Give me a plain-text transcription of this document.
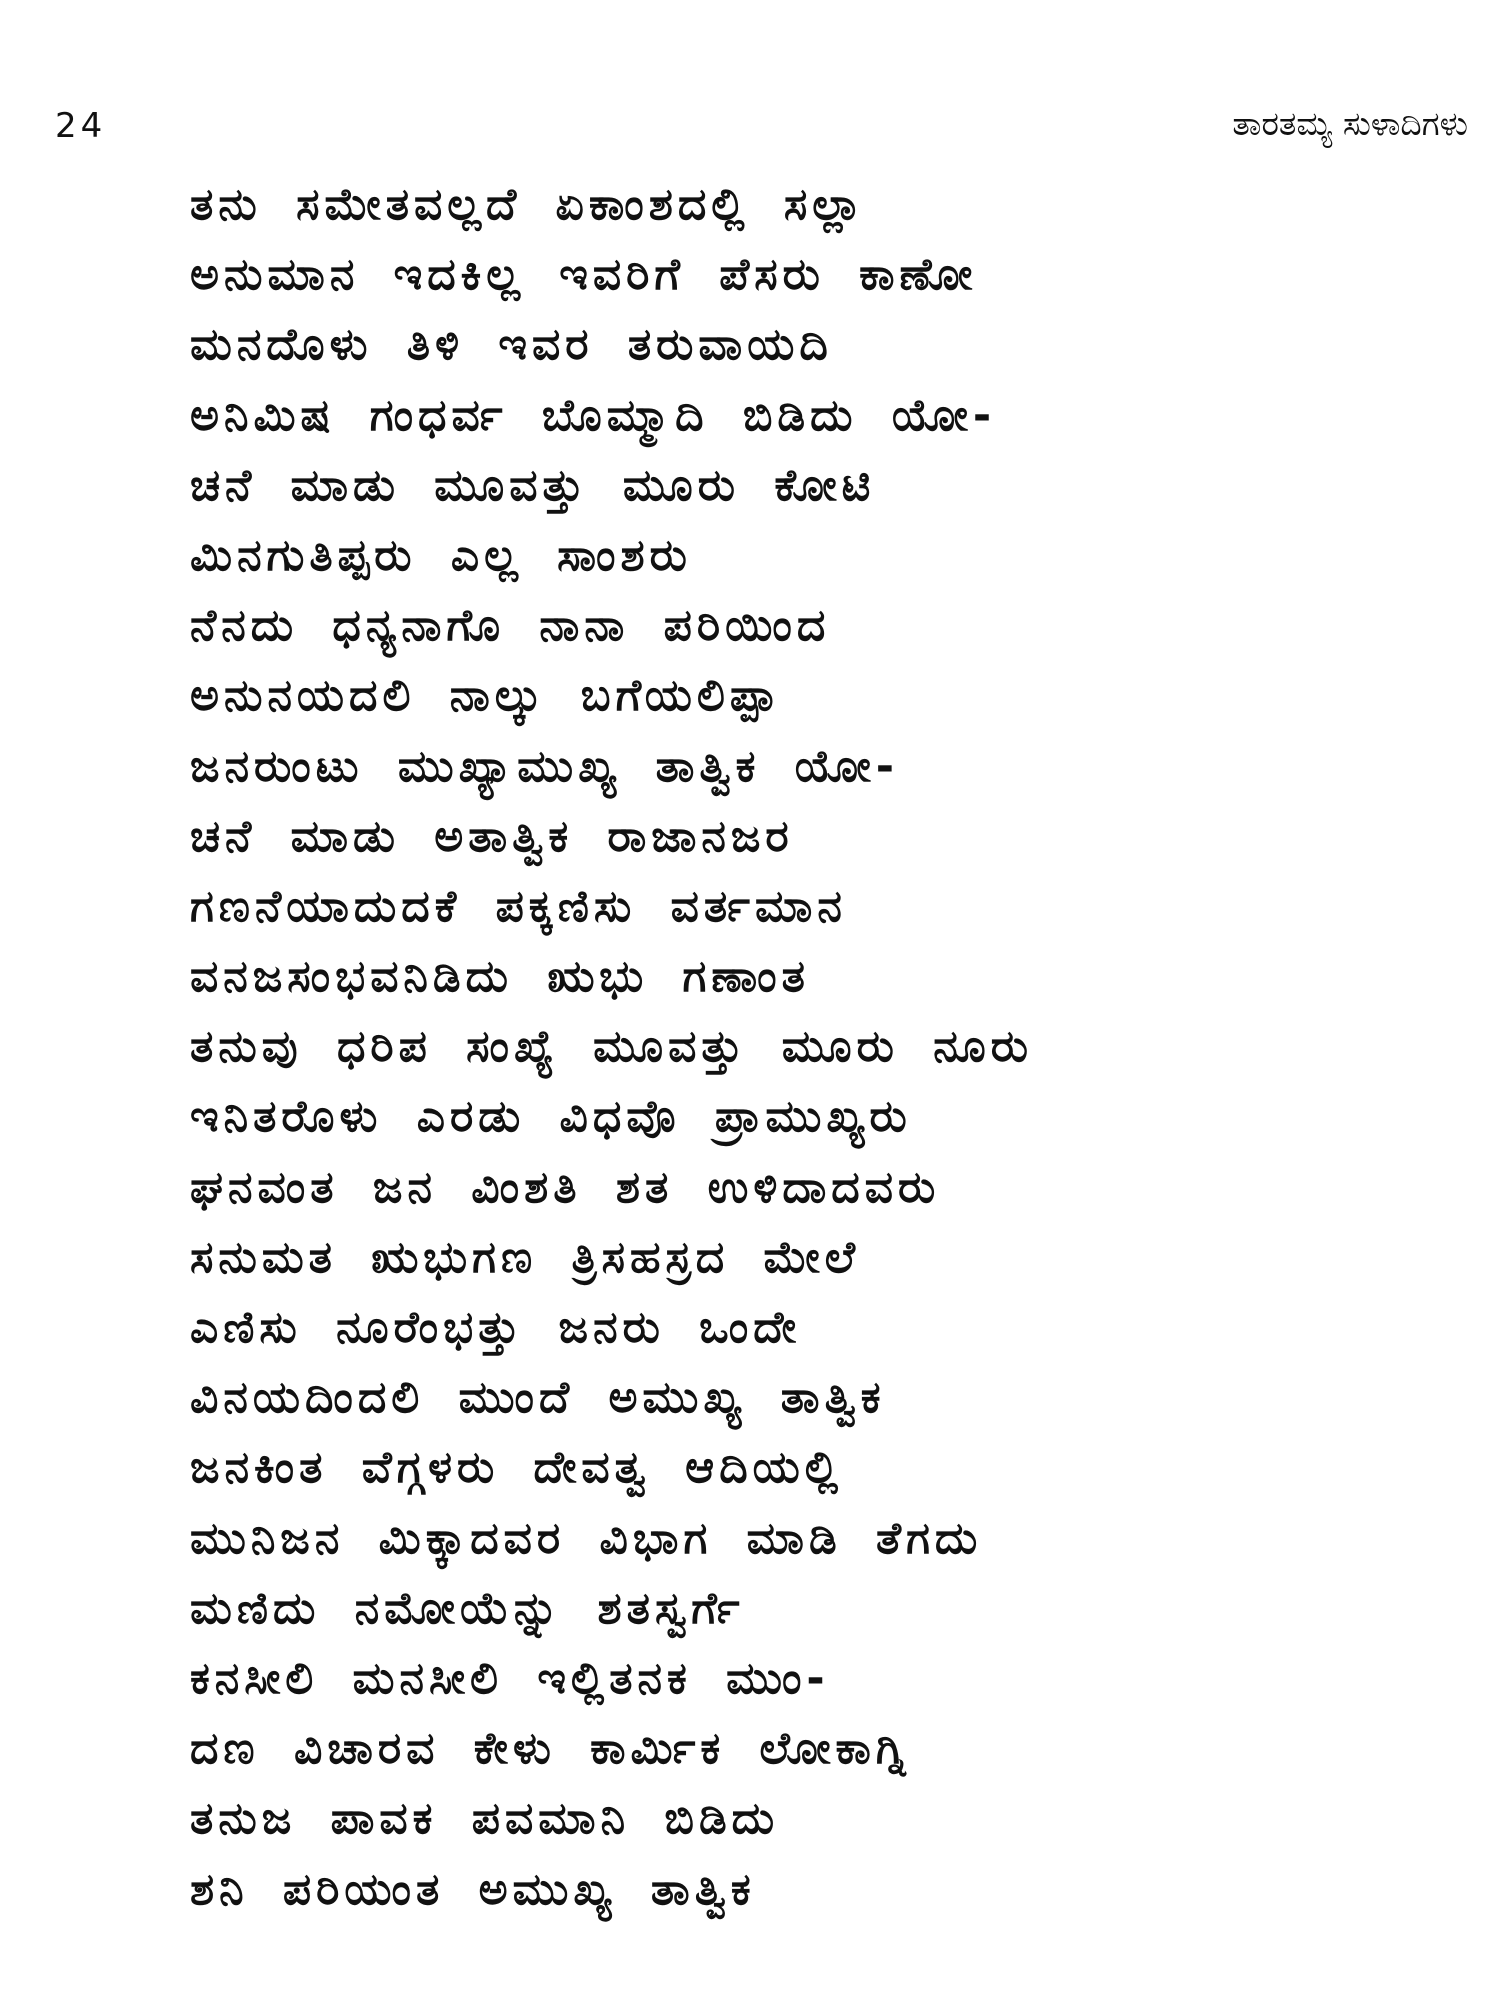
24	ತಾರತಮ್ಯ ಸುಳಾದಿಗಳು
ತನು ಸಮೇತವಲ್ಲದೆ ಏಕಾಂಶದಲ್ಲಿ ಸಲ್ಲಾ
ಅನುಮಾನ ಇದಕಿಲ್ಲ ಇವರಿಗೆ ಪೆಸರು ಕಾಣೋ
ಮನದೊಳು ತಿಳಿ ಇವರ ತರುವಾಯದಿ
ಅನಿಮಿಷ ಗಂಧರ್ವ ಬೊಮ್ಮಾದಿ ಬಿಡಿದು ಯೋ-
ಚನೆ ಮಾಡು ಮೂವತ್ತು ಮೂರು ಕೋಟಿ
ಮಿನಗುತಿಪ್ಪರು ಎಲ್ಲ ಸಾಂಶರು
ನೆನದು ಧನ್ಯನಾಗೊ ನಾನಾ ಪರಿಯಿಂದ
ಅನುನಯದಲಿ ನಾಲ್ಕು ಬಗೆಯಲಿಪ್ಪಾ
ಜನರುಂಟು ಮುಖ್ಯಾಮುಖ್ಯ ತಾತ್ವಿಕ ಯೋ-
ಚನೆ ಮಾಡು ಅತಾತ್ವಿಕ ರಾಜಾನಜರ
ಗಣನೆಯಾದುದಕೆ ಪಕ್ಕಣಿಸು ವರ್ತಮಾನ
ವನಜಸಂಭವನಿಡಿದು ಋಭು ಗಣಾಂತ
ತನುವು ಧರಿಪ ಸಂಖ್ಯೆ ಮೂವತ್ತು ಮೂರು ನೂರು
ಇನಿತರೊಳು ಎರಡು ವಿಧವೊ ಪ್ರಾಮುಖ್ಯರು
ಘನವಂತ ಜನ ವಿಂಶತಿ ಶತ ಉಳಿದಾದವರು
ಸನುಮತ ಋಭುಗಣ ತ್ರಿಸಹಸ್ರದ ಮೇಲೆ
ಎಣಿಸು ನೂರೆಂಭತ್ತು ಜನರು ಒಂದೇ
ವಿನಯದಿಂದಲಿ ಮುಂದೆ ಅಮುಖ್ಯ ತಾತ್ವಿಕ
ಜನಕಿಂತ ವೆಗ್ಗಳರು ದೇವತ್ವ ಆದಿಯಲ್ಲಿ
ಮುನಿಜನ ಮಿಕ್ಕಾದವರ ವಿಭಾಗ ಮಾಡಿ ತೆಗದು
ಮಣಿದು ನಮೋಯೆನ್ನು ಶತಸ್ವರ್ಗೆ
ಕನಸೀಲಿ ಮನಸೀಲಿ ಇಲ್ಲಿತನಕ ಮುಂ-
ದಣ ವಿಚಾರವ ಕೇಳು ಕಾರ್ಮಿಕ ಲೋಕಾಗ್ನಿ
ತನುಜ ಪಾವಕ ಪವಮಾನಿ ಬಿಡಿದು
ಶನಿ ಪರಿಯಂತ ಅಮುಖ್ಯ ತಾತ್ವಿಕ
